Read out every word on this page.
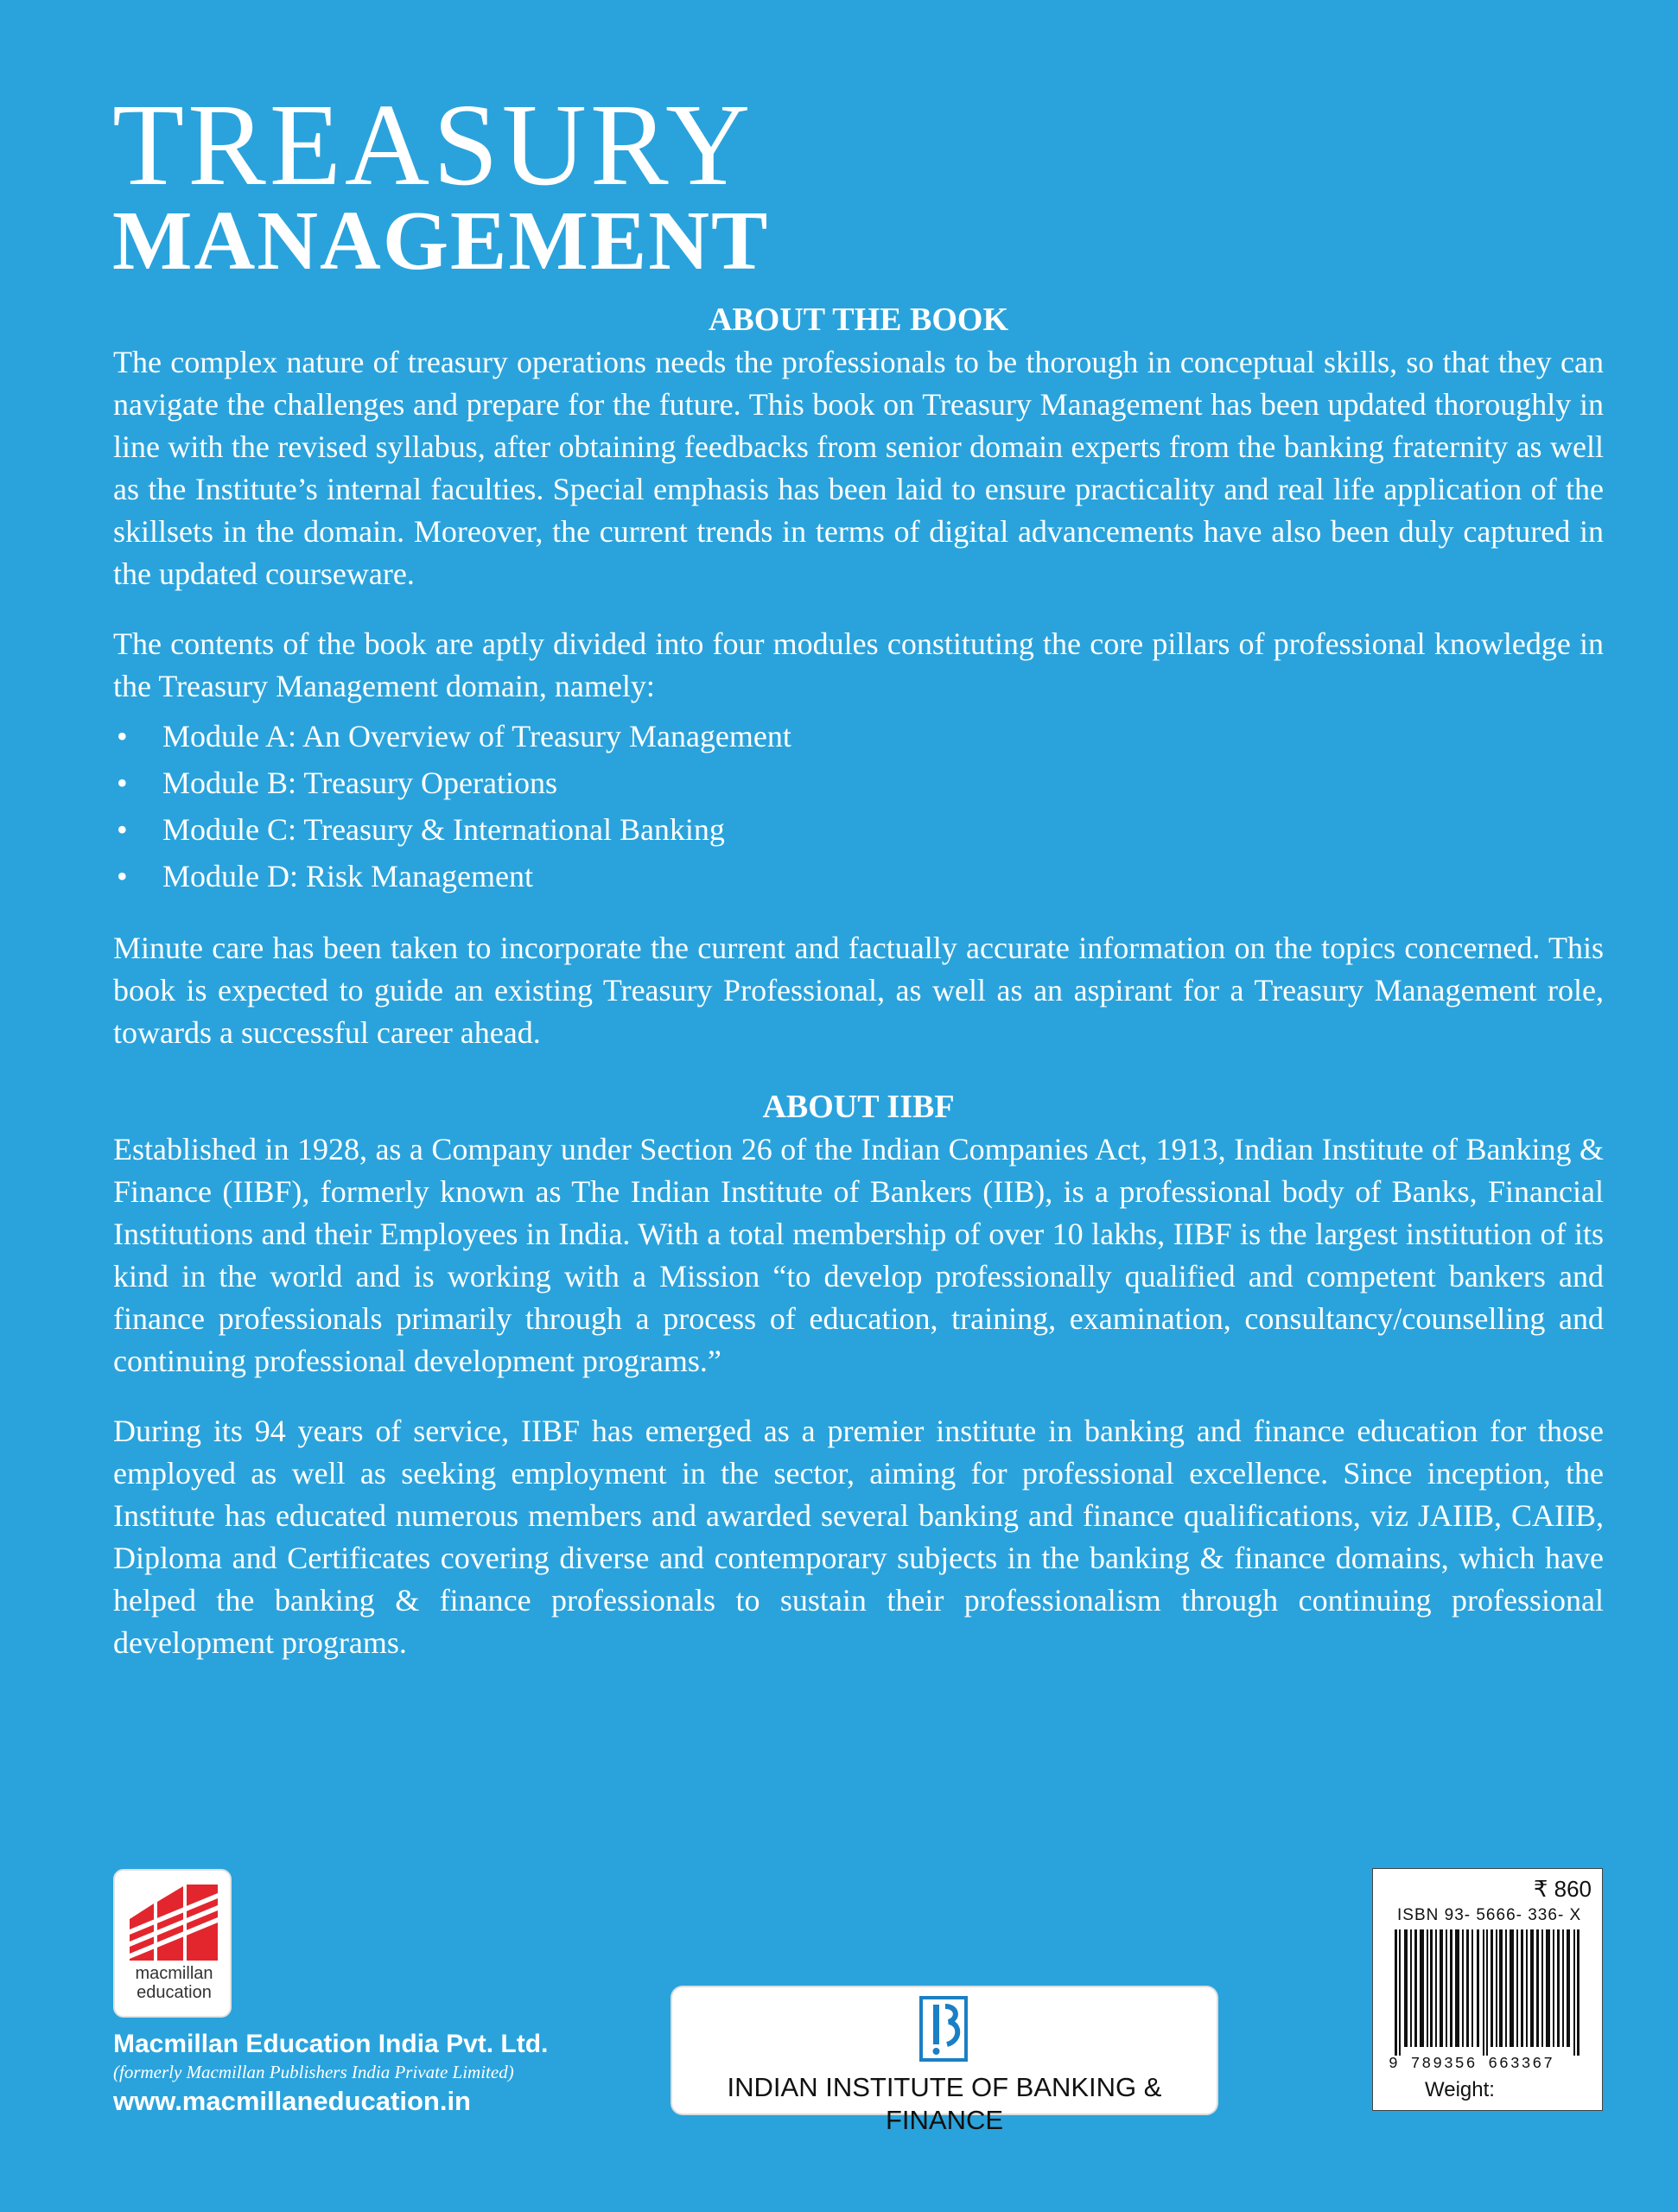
TREASURY
MANAGEMENT
ABOUT THE BOOK

The complex nature of treasury operations needs the professionals to be thorough in conceptual skills, so that they can navigate the challenges and prepare for the future. This book on Treasury Management has been updated thoroughly in line with the revised syllabus, after obtaining feedbacks from senior domain experts from the banking fraternity as well as the Institute’s internal faculties. Special emphasis has been laid to ensure practicality and real life application of the skillsets in the domain. Moreover, the current trends in terms of digital advancements have also been duly captured in the updated courseware.

The contents of the book are aptly divided into four modules constituting the core pillars of professional knowledge in the Treasury Management domain, namely:

• Module A: An Overview of Treasury Management
• Module B: Treasury Operations
• Module C: Treasury & International Banking
• Module D: Risk Management

Minute care has been taken to incorporate the current and factually accurate information on the topics concerned. This book is expected to guide an existing Treasury Professional, as well as an aspirant for a Treasury Management role, towards a successful career ahead.

ABOUT IIBF

Established in 1928, as a Company under Section 26 of the Indian Companies Act, 1913, Indian Institute of Banking & Finance (IIBF), formerly known as The Indian Institute of Bankers (IIB), is a professional body of Banks, Financial Institutions and their Employees in India. With a total membership of over 10 lakhs, IIBF is the largest institution of its kind in the world and is working with a Mission “to develop professionally qualified and competent bankers and finance professionals primarily through a process of education, training, examination, consultancy/counselling and continuing professional development programs.”

During its 94 years of service, IIBF has emerged as a premier institute in banking and finance education for those employed as well as seeking employment in the sector, aiming for professional excellence. Since inception, the Institute has educated numerous members and awarded several banking and finance qualifications, viz JAIIB, CAIIB, Diploma and Certificates covering diverse and contemporary subjects in the banking & finance domains, which have helped the banking & finance professionals to sustain their professionalism through continuing professional development programs.

macmillan
education
Macmillan Education India Pvt. Ltd.
(formerly Macmillan Publishers India Private Limited)
www.macmillaneducation.in	INDIAN INSTITUTE OF BANKING & FINANCE
₹ 860
ISBN 93- 5666- 336- X
9 789356 663367
Weight:
